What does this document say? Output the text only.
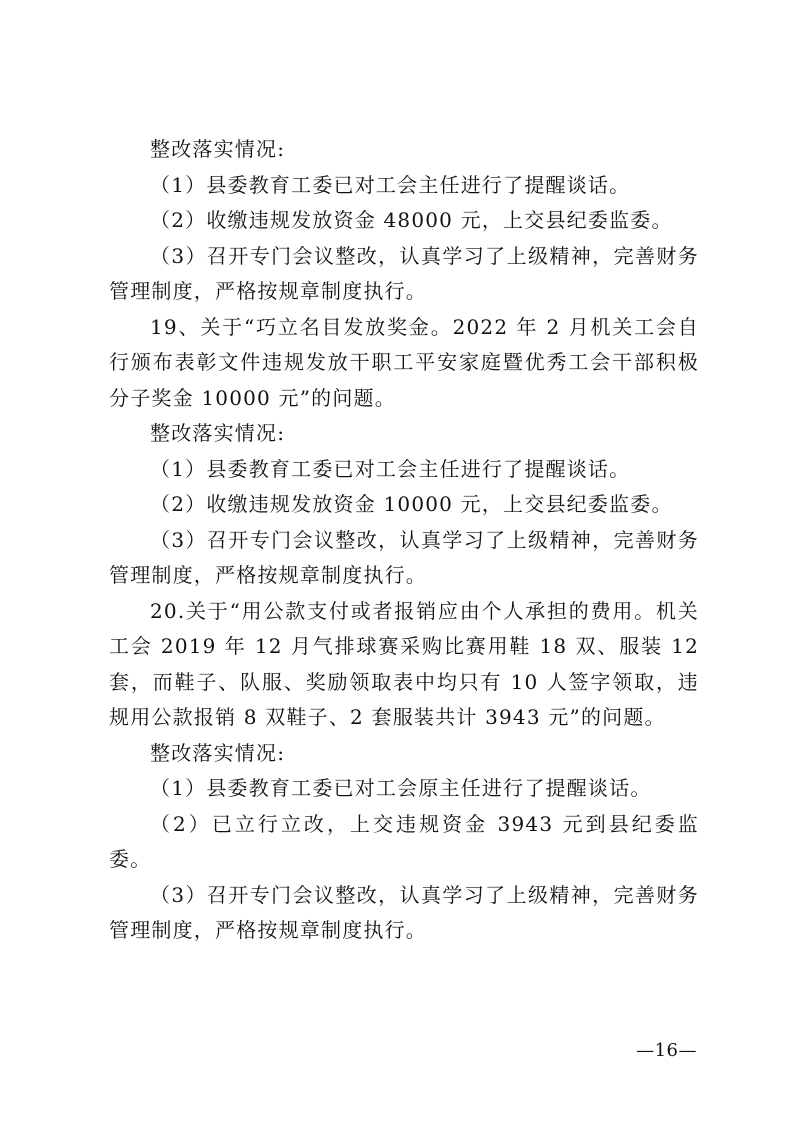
整改落实情况:

（1）县委教育工委已对工会主任进行了提醒谈话。

（2）收缴违规发放资金 48000 元，上交县纪委监委。

（3）召开专门会议整改，认真学习了上级精神，完善财务管理制度，严格按规章制度执行。

19、关于“巧立名目发放奖金。2022 年 2 月机关工会自行颁布表彰文件违规发放干职工平安家庭暨优秀工会干部积极分子奖金 10000 元”的问题。

整改落实情况:

（1）县委教育工委已对工会主任进行了提醒谈话。

（2）收缴违规发放资金 10000 元，上交县纪委监委。

（3）召开专门会议整改，认真学习了上级精神，完善财务管理制度，严格按规章制度执行。

20.关于“用公款支付或者报销应由个人承担的费用。机关工会 2019 年 12 月气排球赛采购比赛用鞋 18 双、服装 12 套，而鞋子、队服、奖励领取表中均只有 10 人签字领取，违规用公款报销 8 双鞋子、2 套服装共计 3943 元”的问题。

整改落实情况:

（1）县委教育工委已对工会原主任进行了提醒谈话。

（2）已立行立改，上交违规资金 3943 元到县纪委监委。

（3）召开专门会议整改，认真学习了上级精神，完善财务管理制度，严格按规章制度执行。

—16—
